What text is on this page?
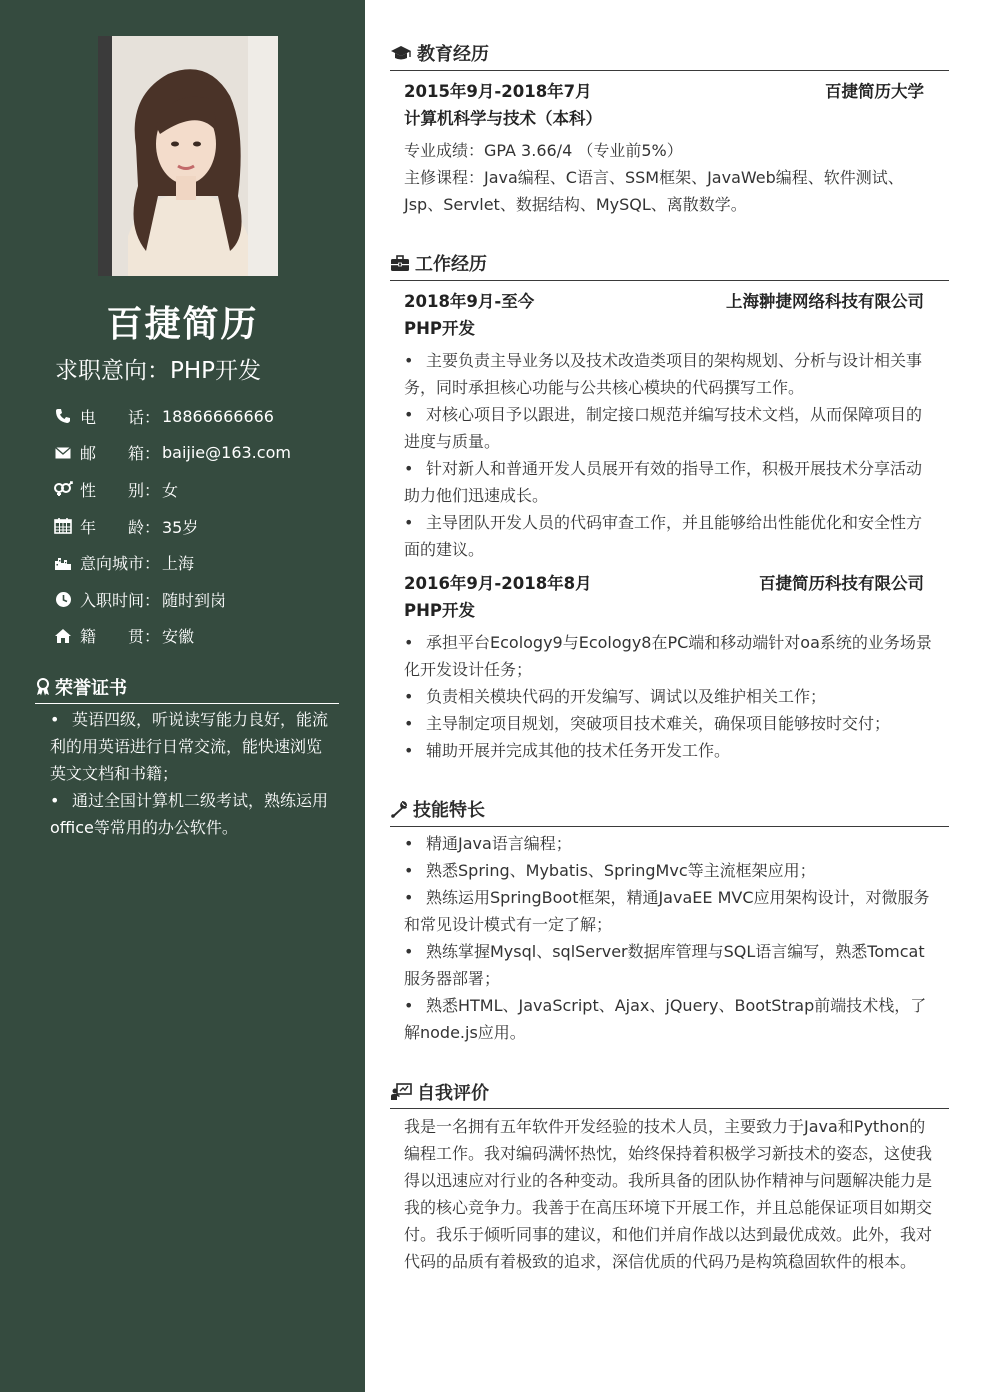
百捷简历
求职意向：PHP开发
电　　话： 18866666666
邮　　箱： baijie@163.com
性　　别： 女
年　　龄： 35岁
意向城市： 上海
入职时间： 随时到岗
籍　　贯： 安徽
荣誉证书
• 英语四级，听说读写能力良好，能流利的用英语进行日常交流，能快速浏览英文文档和书籍；
• 通过全国计算机二级考试，熟练运用office等常用的办公软件。
教育经历
2015年9月-2018年7月	百捷简历大学
计算机科学与技术（本科）
专业成绩：GPA 3.66/4 （专业前5%）
主修课程：Java编程、C语言、SSM框架、JavaWeb编程、软件测试、Jsp、Servlet、数据结构、MySQL、离散数学。
工作经历
2018年9月-至今	上海翀捷网络科技有限公司
PHP开发
• 主要负责主导业务以及技术改造类项目的架构规划、分析与设计相关事务，同时承担核心功能与公共核心模块的代码撰写工作。
• 对核心项目予以跟进，制定接口规范并编写技术文档，从而保障项目的进度与质量。
• 针对新人和普通开发人员展开有效的指导工作，积极开展技术分享活动助力他们迅速成长。
• 主导团队开发人员的代码审查工作，并且能够给出性能优化和安全性方面的建议。
2016年9月-2018年8月	百捷简历科技有限公司
PHP开发
• 承担平台Ecology9与Ecology8在PC端和移动端针对oa系统的业务场景化开发设计任务；
• 负责相关模块代码的开发编写、调试以及维护相关工作；
• 主导制定项目规划，突破项目技术难关，确保项目能够按时交付；
• 辅助开展并完成其他的技术任务开发工作。
技能特长
• 精通Java语言编程；
• 熟悉Spring、Mybatis、SpringMvc等主流框架应用；
• 熟练运用SpringBoot框架，精通JavaEE MVC应用架构设计，对微服务和常见设计模式有一定了解；
• 熟练掌握Mysql、sqlServer数据库管理与SQL语言编写，熟悉Tomcat服务器部署；
• 熟悉HTML、JavaScript、Ajax、jQuery、BootStrap前端技术栈，了解node.js应用。
自我评价
我是一名拥有五年软件开发经验的技术人员，主要致力于Java和Python的编程工作。我对编码满怀热忱，始终保持着积极学习新技术的姿态，这使我得以迅速应对行业的各种变动。我所具备的团队协作精神与问题解决能力是我的核心竞争力。我善于在高压环境下开展工作，并且总能保证项目如期交付。我乐于倾听同事的建议，和他们并肩作战以达到最优成效。此外，我对代码的品质有着极致的追求，深信优质的代码乃是构筑稳固软件的根本。
